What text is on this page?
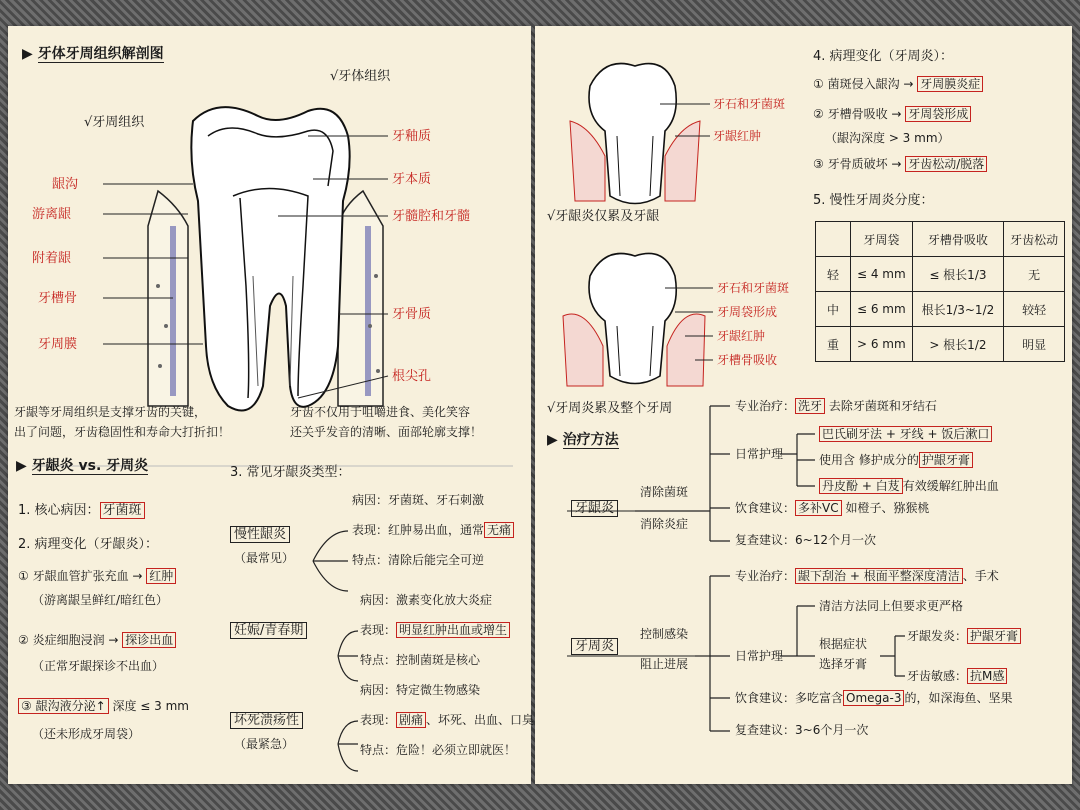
▶ 牙体牙周组织解剖图
√牙体组织
√牙周组织
龈沟
游离龈
附着龈
牙槽骨
牙周膜
牙釉质
牙本质
牙髓腔和牙髓
牙骨质
根尖孔
牙龈等牙周组织是支撑牙齿的关键，
出了问题，牙齿稳固性和寿命大打折扣！
牙齿不仅用于咀嚼进食、美化笑容
还关乎发音的清晰、面部轮廓支撑！
▶ 牙龈炎 vs. 牙周炎
1. 核心病因： 牙菌斑
2. 病理变化（牙龈炎）：
① 牙龈血管扩张充血 → 红肿
（游离龈呈鲜红/暗红色）
② 炎症细胞浸润 → 探诊出血
（正常牙龈探诊不出血）
③ 龈沟液分泌↑ 深度 ≤ 3 mm
（还未形成牙周袋）
3. 常见牙龈炎类型：
慢性龈炎
（最常见）
病因：牙菌斑、牙石刺激
表现：红肿易出血，通常 无痛
特点：清除后能完全可逆
妊娠/青春期
病因：激素变化放大炎症
表现： 明显红肿出血或增生
特点：控制菌斑是核心
坏死溃疡性
（最紧急）
病因：特定微生物感染
表现： 剧痛 、坏死、出血、口臭
特点：危险！必须立即就医！
牙石和牙菌斑
牙龈红肿
√牙龈炎仅累及牙龈
牙石和牙菌斑
牙周袋形成
牙龈红肿
牙槽骨吸收
√牙周炎累及整个牙周
4. 病理变化（牙周炎）：
① 菌斑侵入龈沟 → 牙周膜炎症
② 牙槽骨吸收 → 牙周袋形成
（龈沟深度 > 3 mm）
③ 牙骨质破坏 → 牙齿松动/脱落
5. 慢性牙周炎分度：
	牙周袋	牙槽骨吸收	牙齿松动
轻	≤ 4 mm	≤ 根长1/3	无
中	≤ 6 mm	根长1/3~1/2	较轻
重	> 6 mm	> 根长1/2	明显
▶ 治疗方法
牙龈炎
清除菌斑
消除炎症
专业治疗： 洗牙 去除牙菌斑和牙结石
日常护理
巴氏刷牙法 + 牙线 + 饭后漱口
使用含 修护成分的 护龈牙膏
丹皮酚 + 白芨 有效缓解红肿出血
饮食建议： 多补VC 如橙子、猕猴桃
复查建议：6~12个月一次
牙周炎
控制感染
阻止进展
专业治疗： 龈下刮治 + 根面平整深度清洁 、手术
日常护理
清洁方法同上但要求更严格
根据症状
选择牙膏
牙龈发炎： 护龈牙膏
牙齿敏感： 抗M感
饮食建议：多吃富含 Omega-3 的，如深海鱼、坚果
复查建议：3~6个月一次
